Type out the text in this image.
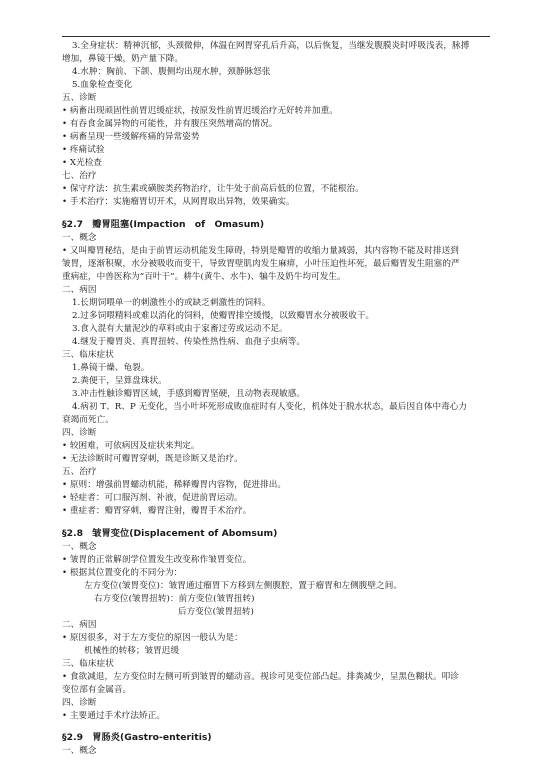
3.全身症状：精神沉郁，头颈微伸，体温在网胃穿孔后升高，以后恢复，当继发腹膜炎时呼吸浅表，脉搏
增加，鼻镜干燥，奶产量下降。
4.水肿：胸前、下颌、腹侧均出现水肿，颈静脉怒张
5.血象检查变化
五、诊断
• 病畜出现顽固性前胃迟缓症状，按原发性前胃迟缓治疗无好转并加重。
• 有吞食金属异物的可能性，并有腹压突然增高的情况。
• 病畜呈现一些缓解疼痛的异常姿势
• 疼痛试验
• X光检查
七、治疗
• 保守疗法：抗生素或磺胺类药物治疗，让牛处于前高后低的位置，不能根治。
• 手术治疗：实施瘤胃切开术，从网胃取出异物，效果确实。
§2.7　瓣胃阻塞(Impaction　of　Omasum)
一、概念
• 又叫瓣胃秘结，是由于前胃运动机能发生障碍，特别是瓣胃的收缩力量减弱，其内容物不能及时排送到
皱胃，逐渐积聚，水分被吸收而变干，导致胃壁肌肉发生麻痹，小叶压迫性坏死，最后瓣胃发生阻塞的严
重病症，中兽医称为“百叶干”。耕牛(黄牛、水牛)、犏牛及奶牛均可发生。
二、病因
1.长期饲喂单一的刺激性小的或缺乏刺激性的饲料。
2.过多饲喂精料或难以消化的饲料，使瓣胃排空缓慢，以致瓣胃水分被吸收干。
3.食入混有大量泥沙的草料或由于家畜过劳或运动不足。
4.继发于瓣胃炎、真胃扭转、传染性热性病、血孢子虫病等。
三、临床症状
1.鼻镜干燥、龟裂。
2.粪便干，呈算盘珠状。
3.冲击性触诊瓣胃区域，手感到瓣胃坚硬，且动物表现敏感。
4.病初 T、R、P 无变化，当小叶坏死形成败血症时有人变化，机体处于脱水状态，最后因自体中毒心力
衰竭而死亡。
四、诊断
• 较困难，可依病因及症状来判定。
• 无法诊断时可瓣胃穿刺，既是诊断又是治疗。
五、治疗
• 原则：增强前胃蠕动机能，稀释瓣胃内容物，促进排出。
• 轻症者：可口服泻剂、补液，促进前胃运动。
• 重症者：瓣胃穿刺，瓣胃注射，瓣胃手术治疗。
§2.8　皱胃变位(Displacement of Abomsum)
一、概念
• 皱胃的正常解剖学位置发生改变称作皱胃变位。
• 根据其位置变化的不同分为：
左方变位(皱胃变位)：皱胃通过瘤胃下方移到左侧腹腔，置于瘤胃和左侧腹壁之间。
右方变位(皱胃扭转)：前方变位(皱胃扭转)
后方变位(皱胃扭转)
二、病因
• 原因很多，对于左方变位的原因一般认为是：
机械性的转移；皱胃迟缓
三、临床症状
• 食欲减退，左方变位时左侧可听到皱胃的蠕动音。视诊可见变位部凸起。排粪减少，呈黑色糊状。叩诊
变位部有金属音。
四、诊断
• 主要通过手术疗法矫正。
§2.9　胃肠炎(Gastro-enteritis)
一、概念
